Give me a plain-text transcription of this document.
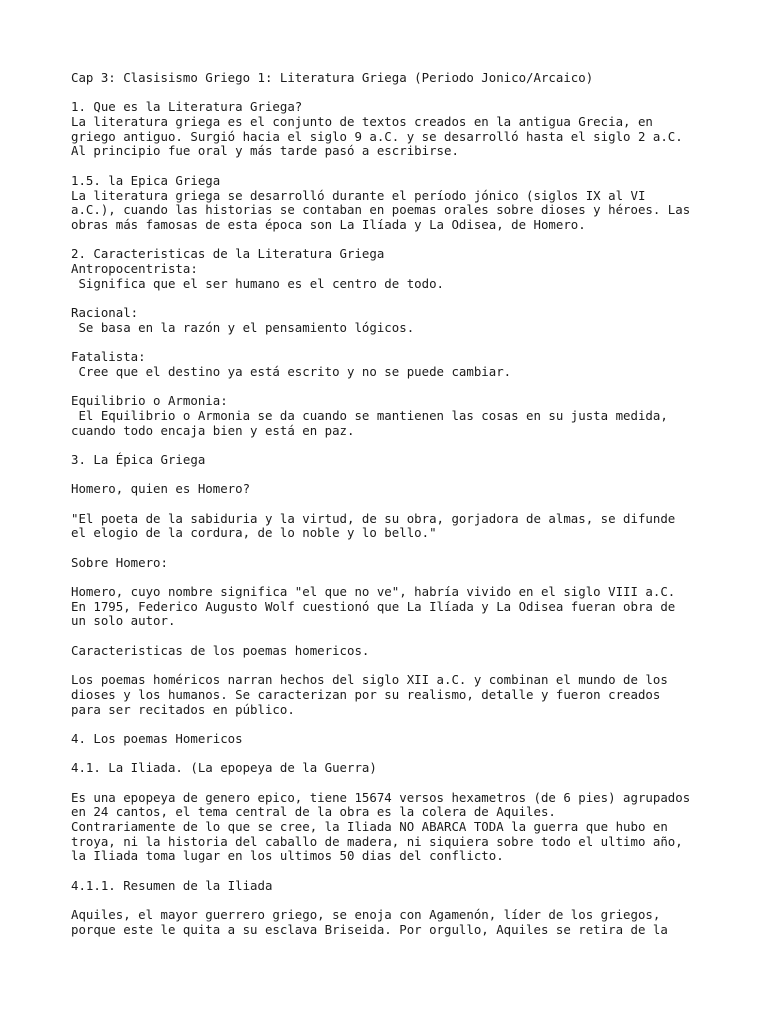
Cap 3: Clasisismo Griego 1: Literatura Griega (Periodo Jonico/Arcaico)
1. Que es la Literatura Griega?
La literatura griega es el conjunto de textos creados en la antigua Grecia, en
griego antiguo. Surgió hacia el siglo 9 a.C. y se desarrolló hasta el siglo 2 a.C.
Al principio fue oral y más tarde pasó a escribirse.
1.5. la Epica Griega
La literatura griega se desarrolló durante el período jónico (siglos IX al VI
a.C.), cuando las historias se contaban en poemas orales sobre dioses y héroes. Las
obras más famosas de esta época son La Ilíada y La Odisea, de Homero.
2. Caracteristicas de la Literatura Griega
Antropocentrista:
Significa que el ser humano es el centro de todo.
Racional:
Se basa en la razón y el pensamiento lógicos.
Fatalista:
Cree que el destino ya está escrito y no se puede cambiar.
Equilibrio o Armonia:
El Equilibrio o Armonia se da cuando se mantienen las cosas en su justa medida,
cuando todo encaja bien y está en paz.
3. La Épica Griega
Homero, quien es Homero?
"El poeta de la sabiduria y la virtud, de su obra, gorjadora de almas, se difunde
el elogio de la cordura, de lo noble y lo bello."
Sobre Homero:
Homero, cuyo nombre significa "el que no ve", habría vivido en el siglo VIII a.C.
En 1795, Federico Augusto Wolf cuestionó que La Ilíada y La Odisea fueran obra de
un solo autor.
Caracteristicas de los poemas homericos.
Los poemas homéricos narran hechos del siglo XII a.C. y combinan el mundo de los
dioses y los humanos. Se caracterizan por su realismo, detalle y fueron creados
para ser recitados en público.
4. Los poemas Homericos
4.1. La Iliada. (La epopeya de la Guerra)
Es una epopeya de genero epico, tiene 15674 versos hexametros (de 6 pies) agrupados
en 24 cantos, el tema central de la obra es la colera de Aquiles.
Contrariamente de lo que se cree, la Iliada NO ABARCA TODA la guerra que hubo en
troya, ni la historia del caballo de madera, ni siquiera sobre todo el ultimo año,
la Iliada toma lugar en los ultimos 50 dias del conflicto.
4.1.1. Resumen de la Iliada
Aquiles, el mayor guerrero griego, se enoja con Agamenón, líder de los griegos,
porque este le quita a su esclava Briseida. Por orgullo, Aquiles se retira de la
